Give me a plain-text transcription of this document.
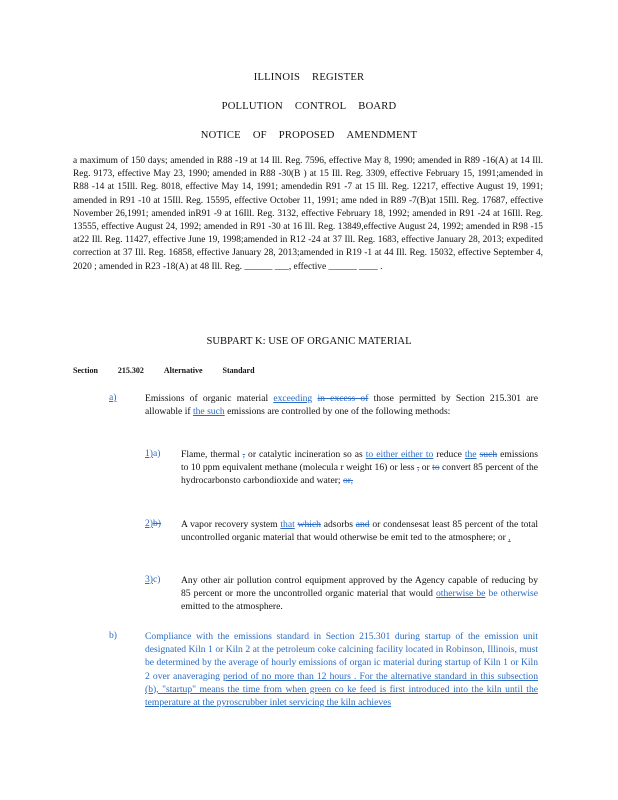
ILLINOIS REGISTER
POLLUTION CONTROL BOARD
NOTICE OF PROPOSED AMENDMENT
a maximum of 150 days; amended in R88 -19 at 14 Ill. Reg. 7596, effective May 8, 1990; amended in R89 -16(A) at 14 Ill. Reg. 9173, effective May 23, 1990; amended in R88 -30(B ) at 15 Ill. Reg. 3309, effective February 15, 1991;amended in R88 -14 at 15Ill. Reg. 8018, effective May 14, 1991; amendedin R91 -7 at 15 Ill. Reg. 12217, effective August 19, 1991; amended in R91 -10 at 15Ill. Reg. 15595, effective October 11, 1991; ame nded in R89 -7(B)at 15Ill. Reg. 17687, effective November 26,1991; amended inR91 -9 at 16Ill. Reg. 3132, effective February 18, 1992; amended in R91 -24 at 16Ill. Reg. 13555, effective August 24, 1992; amended in R91 -30 at 16 Ill. Reg. 13849,effective August 24, 1992; amended in R98 -15 at22 Ill. Reg. 11427, effective June 19, 1998;amended in R12 -24 at 37 Ill. Reg. 1683, effective January 28, 2013; expedited correction at 37 Ill. Reg. 16858, effective January 28, 2013;amended in R19 -1 at 44 Ill. Reg. 15032, effective September 4, 2020 ; amended in R23 -18(A) at 48 Ill. Reg. ______ ___, effective ______ ____ .
SUBPART K: USE OF ORGANIC MATERIAL
Section	215.302	Alternative	Standard
a)	Emissions of organic material exceeding in excess of those permitted by Section 215.301 are allowable if the such emissions are controlled by one of the following methods:
1)a) Flame, thermal , or catalytic incineration so as to either either to reduce the such emissions to 10 ppm equivalent methane (molecula r weight 16) or less , or to convert 85 percent of the hydrocarbonsto carbondioxide and water; or,
2)b) A vapor recovery system that which adsorbs and or condensesat least 85 percent of the total uncontrolled organic material that would otherwise be emit ted to the atmosphere; or ,
3)c) Any other air pollution control equipment approved by the Agency capable of reducing by 85 percent or more the uncontrolled organic material that would otherwise be be otherwise emitted to the atmosphere.
b)	Compliance with the emissions standard in Section 215.301 during startup of the emission unit designated Kiln 1 or Kiln 2 at the petroleum coke calcining facility located in Robinson, Illinois, must be determined by the average of hourly emissions of organ ic material during startup of Kiln 1 or Kiln 2 over anaveraging period of no more than 12 hours . For the alternative standard in this subsection (b), "startup" means the time from when green co ke feed is first introduced into the kiln until the temperature at the pyroscrubber inlet servicing the kiln achieves
